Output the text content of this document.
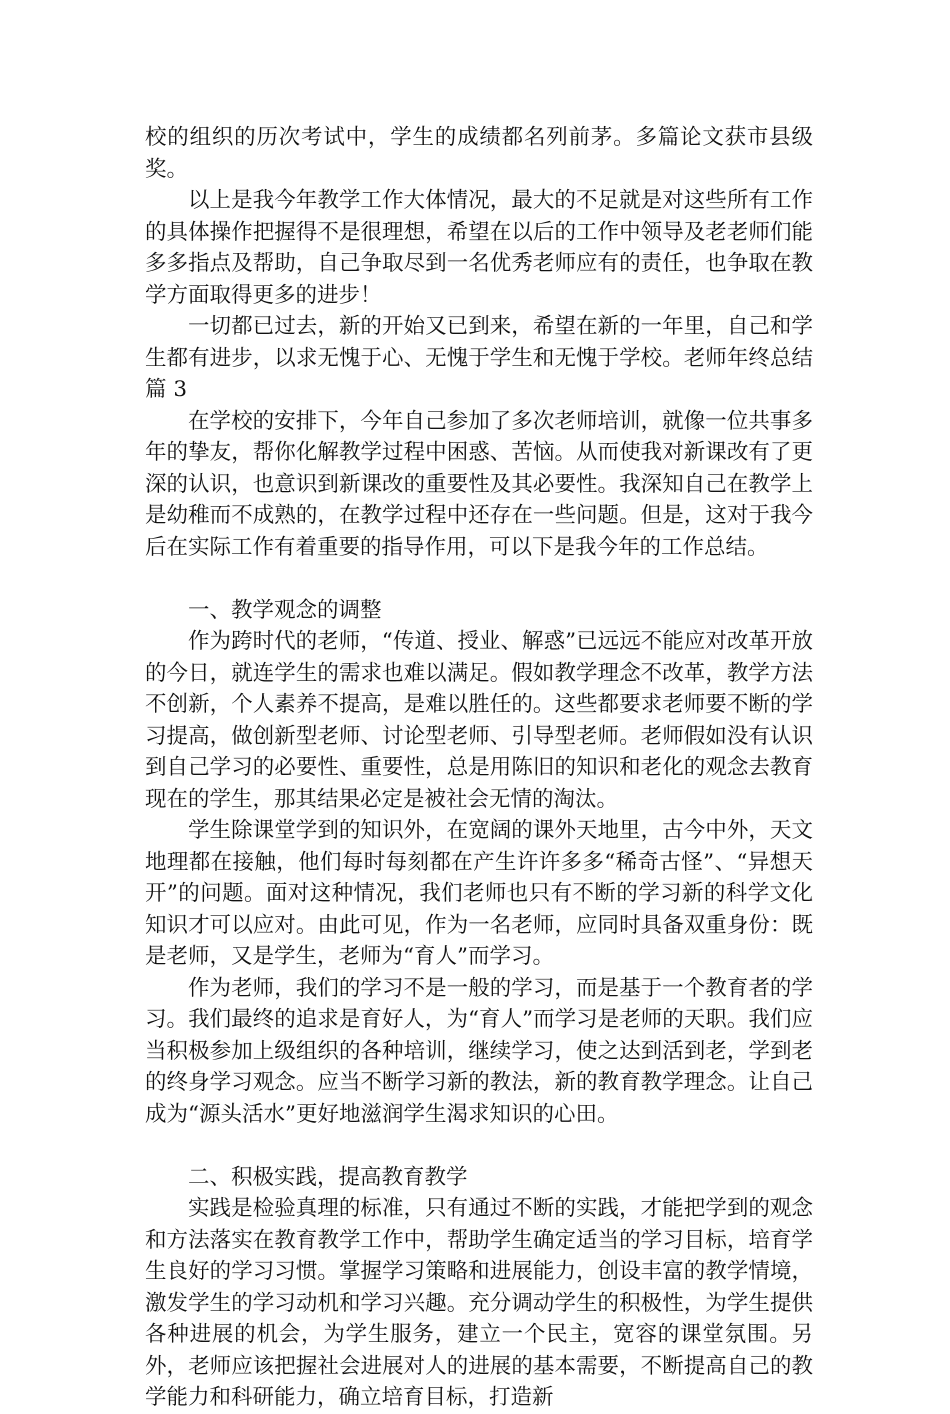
校的组织的历次考试中，学生的成绩都名列前茅。多篇论文获市县级奖。

以上是我今年教学工作大体情况，最大的不足就是对这些所有工作的具体操作把握得不是很理想，希望在以后的工作中领导及老老师们能多多指点及帮助，自己争取尽到一名优秀老师应有的责任，也争取在教学方面取得更多的进步！

一切都已过去，新的开始又已到来，希望在新的一年里，自己和学生都有进步，以求无愧于心、无愧于学生和无愧于学校。老师年终总结 篇 3

在学校的安排下，今年自己参加了多次老师培训，就像一位共事多年的挚友，帮你化解教学过程中困惑、苦恼。从而使我对新课改有了更深的认识，也意识到新课改的重要性及其必要性。我深知自己在教学上是幼稚而不成熟的，在教学过程中还存在一些问题。但是，这对于我今后在实际工作有着重要的指导作用，可以下是我今年的工作总结。

一、教学观念的调整

作为跨时代的老师，“传道、授业、解惑”已远远不能应对改革开放的今日，就连学生的需求也难以满足。假如教学理念不改革，教学方法不创新，个人素养不提高，是难以胜任的。这些都要求老师要不断的学习提高，做创新型老师、讨论型老师、引导型老师。老师假如没有认识到自己学习的必要性、重要性，总是用陈旧的知识和老化的观念去教育现在的学生，那其结果必定是被社会无情的淘汰。

学生除课堂学到的知识外，在宽阔的课外天地里，古今中外，天文地理都在接触，他们每时每刻都在产生许许多多“稀奇古怪”、“异想天开”的问题。面对这种情况，我们老师也只有不断的学习新的科学文化知识才可以应对。由此可见，作为一名老师，应同时具备双重身份：既是老师，又是学生，老师为“育人”而学习。

作为老师，我们的学习不是一般的学习，而是基于一个教育者的学习。我们最终的追求是育好人，为“育人”而学习是老师的天职。我们应当积极参加上级组织的各种培训，继续学习，使之达到活到老，学到老的终身学习观念。应当不断学习新的教法，新的教育教学理念。让自己成为“源头活水”更好地滋润学生渴求知识的心田。

二、积极实践，提高教育教学

实践是检验真理的标准，只有通过不断的实践，才能把学到的观念和方法落实在教育教学工作中，帮助学生确定适当的学习目标，培育学生良好的学习习惯。掌握学习策略和进展能力，创设丰富的教学情境，激发学生的学习动机和学习兴趣。充分调动学生的积极性，为学生提供各种进展的机会，为学生服务，建立一个民主，宽容的课堂氛围。另外，老师应该把握社会进展对人的进展的基本需要，不断提高自己的教学能力和科研能力，确立培育目标，打造新
